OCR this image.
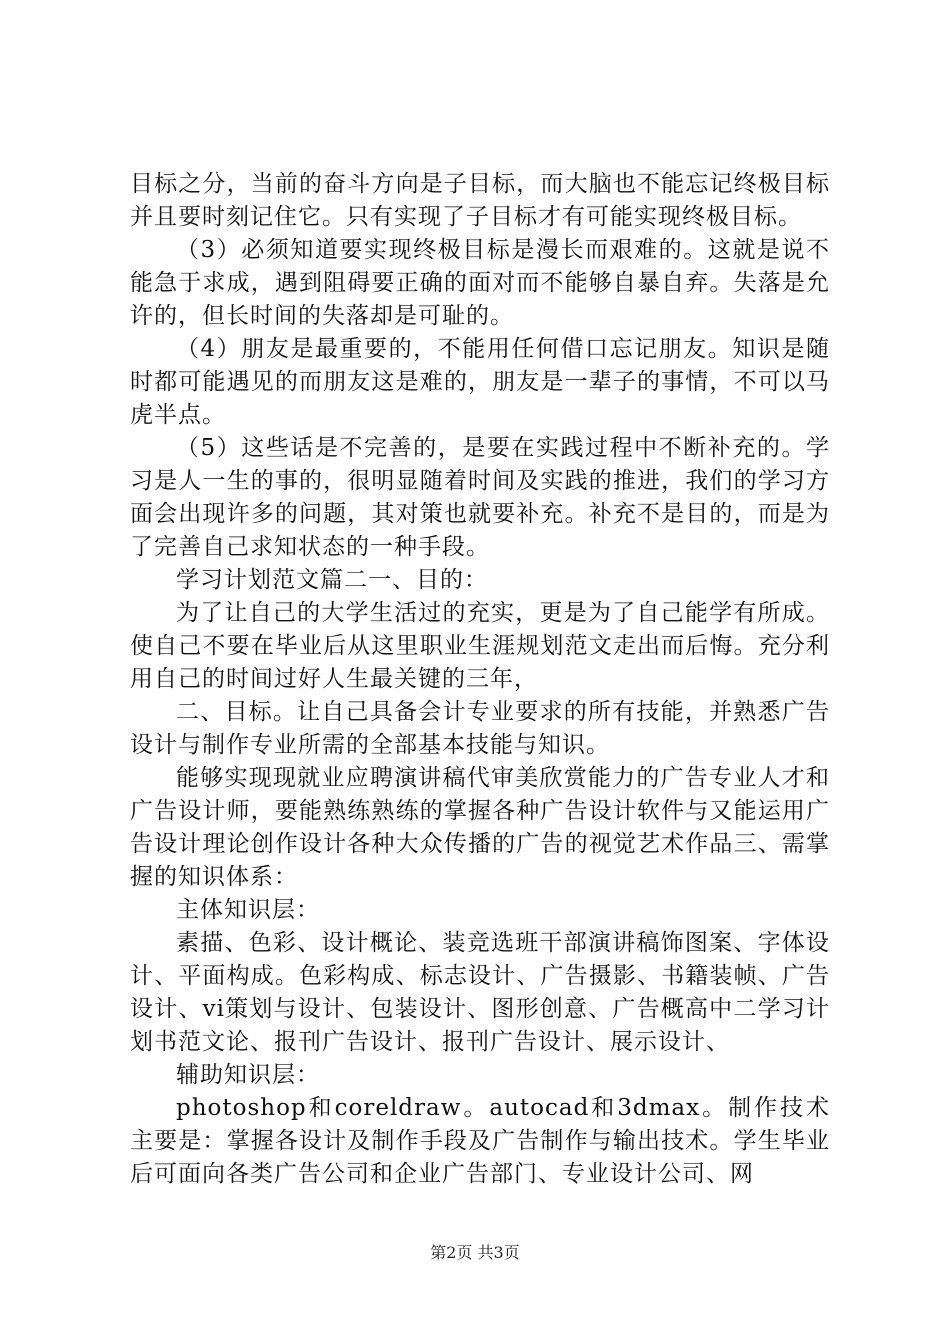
目标之分，当前的奋斗方向是子目标，而大脑也不能忘记终极目标并且要时刻记住它。只有实现了子目标才有可能实现终极目标。

（3）必须知道要实现终极目标是漫长而艰难的。这就是说不能急于求成，遇到阻碍要正确的面对而不能够自暴自弃。失落是允许的，但长时间的失落却是可耻的。

（4）朋友是最重要的，不能用任何借口忘记朋友。知识是随时都可能遇见的而朋友这是难的，朋友是一辈子的事情，不可以马虎半点。

（5）这些话是不完善的，是要在实践过程中不断补充的。学习是人一生的事的，很明显随着时间及实践的推进，我们的学习方面会出现许多的问题，其对策也就要补充。补充不是目的，而是为了完善自己求知状态的一种手段。

学习计划范文篇二一、目的：

为了让自己的大学生活过的充实，更是为了自己能学有所成。使自己不要在毕业后从这里职业生涯规划范文走出而后悔。充分利用自己的时间过好人生最关键的三年，

二、目标。让自己具备会计专业要求的所有技能，并熟悉广告设计与制作专业所需的全部基本技能与知识。

能够实现现就业应聘演讲稿代审美欣赏能力的广告专业人才和广告设计师，要能熟练熟练的掌握各种广告设计软件与又能运用广告设计理论创作设计各种大众传播的广告的视觉艺术作品三、需掌握的知识体系：

主体知识层：

素描、色彩、设计概论、装竞选班干部演讲稿饰图案、字体设计、平面构成。色彩构成、标志设计、广告摄影、书籍装帧、广告设计、vi策划与设计、包装设计、图形创意、广告概高中二学习计划书范文论、报刊广告设计、报刊广告设计、展示设计、

辅助知识层：

photoshop和coreldraw。autocad和3dmax。制作技术主要是：掌握各设计及制作手段及广告制作与输出技术。学生毕业后可面向各类广告公司和企业广告部门、专业设计公司、网

第2页 共3页
